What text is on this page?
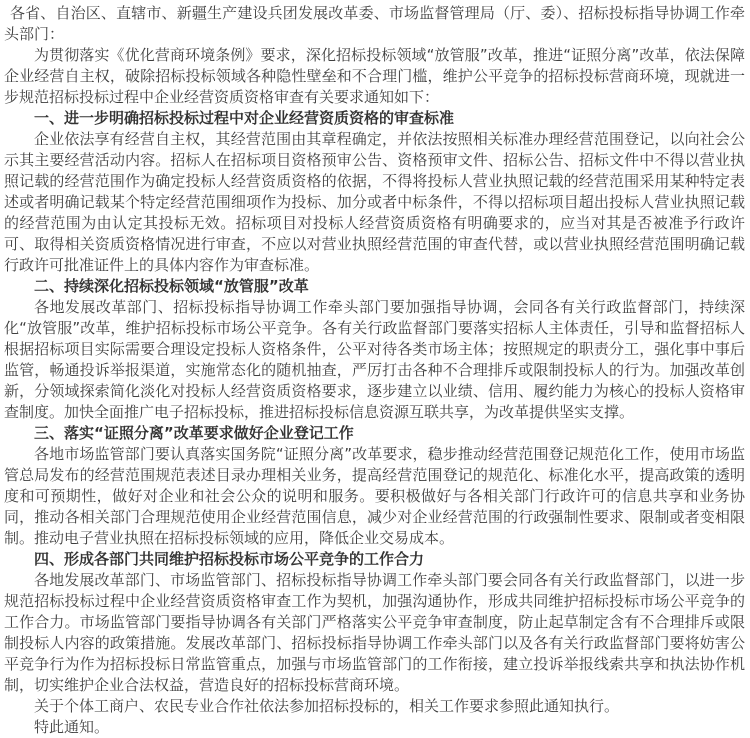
各省、自治区、直辖市、新疆生产建设兵团发展改革委、市场监督管理局（厅、委）、招标投标指导协调工作牵头部门：

为贯彻落实《优化营商环境条例》要求，深化招标投标领域“放管服”改革，推进“证照分离”改革，依法保障企业经营自主权，破除招标投标领域各种隐性壁垒和不合理门槛，维护公平竞争的招标投标营商环境，现就进一步规范招标投标过程中企业经营资质资格审查有关要求通知如下：

一、进一步明确招标投标过程中对企业经营资质资格的审查标准

企业依法享有经营自主权，其经营范围由其章程确定，并依法按照相关标准办理经营范围登记，以向社会公示其主要经营活动内容。招标人在招标项目资格预审公告、资格预审文件、招标公告、招标文件中不得以营业执照记载的经营范围作为确定投标人经营资质资格的依据，不得将投标人营业执照记载的经营范围采用某种特定表述或者明确记载某个特定经营范围细项作为投标、加分或者中标条件，不得以招标项目超出投标人营业执照记载的经营范围为由认定其投标无效。招标项目对投标人经营资质资格有明确要求的，应当对其是否被准予行政许可、取得相关资质资格情况进行审查，不应以对营业执照经营范围的审查代替，或以营业执照经营范围明确记载行政许可批准证件上的具体内容作为审查标准。

二、持续深化招标投标领域“放管服”改革

各地发展改革部门、招标投标指导协调工作牵头部门要加强指导协调，会同各有关行政监督部门，持续深化“放管服”改革，维护招标投标市场公平竞争。各有关行政监督部门要落实招标人主体责任，引导和监督招标人根据招标项目实际需要合理设定投标人资格条件，公平对待各类市场主体；按照规定的职责分工，强化事中事后监管，畅通投诉举报渠道，实施常态化的随机抽查，严厉打击各种不合理排斥或限制投标人的行为。加强改革创新，分领域探索简化淡化对投标人经营资质资格要求，逐步建立以业绩、信用、履约能力为核心的投标人资格审查制度。加快全面推广电子招标投标，推进招标投标信息资源互联共享，为改革提供坚实支撑。

三、落实“证照分离”改革要求做好企业登记工作

各地市场监管部门要认真落实国务院“证照分离”改革要求，稳步推动经营范围登记规范化工作，使用市场监管总局发布的经营范围规范表述目录办理相关业务，提高经营范围登记的规范化、标准化水平，提高政策的透明度和可预期性，做好对企业和社会公众的说明和服务。要积极做好与各相关部门行政许可的信息共享和业务协同，推动各相关部门合理规范使用企业经营范围信息，减少对企业经营范围的行政强制性要求、限制或者变相限制。推动电子营业执照在招标投标领域的应用，降低企业交易成本。

四、形成各部门共同维护招标投标市场公平竞争的工作合力

各地发展改革部门、市场监管部门、招标投标指导协调工作牵头部门要会同各有关行政监督部门，以进一步规范招标投标过程中企业经营资质资格审查工作为契机，加强沟通协作，形成共同维护招标投标市场公平竞争的工作合力。市场监管部门要指导协调各有关部门严格落实公平竞争审查制度，防止起草制定含有不合理排斥或限制投标人内容的政策措施。发展改革部门、招标投标指导协调工作牵头部门以及各有关行政监督部门要将妨害公平竞争行为作为招标投标日常监管重点，加强与市场监管部门的工作衔接，建立投诉举报线索共享和执法协作机制，切实维护企业合法权益，营造良好的招标投标营商环境。

关于个体工商户、农民专业合作社依法参加招标投标的，相关工作要求参照此通知执行。

特此通知。
